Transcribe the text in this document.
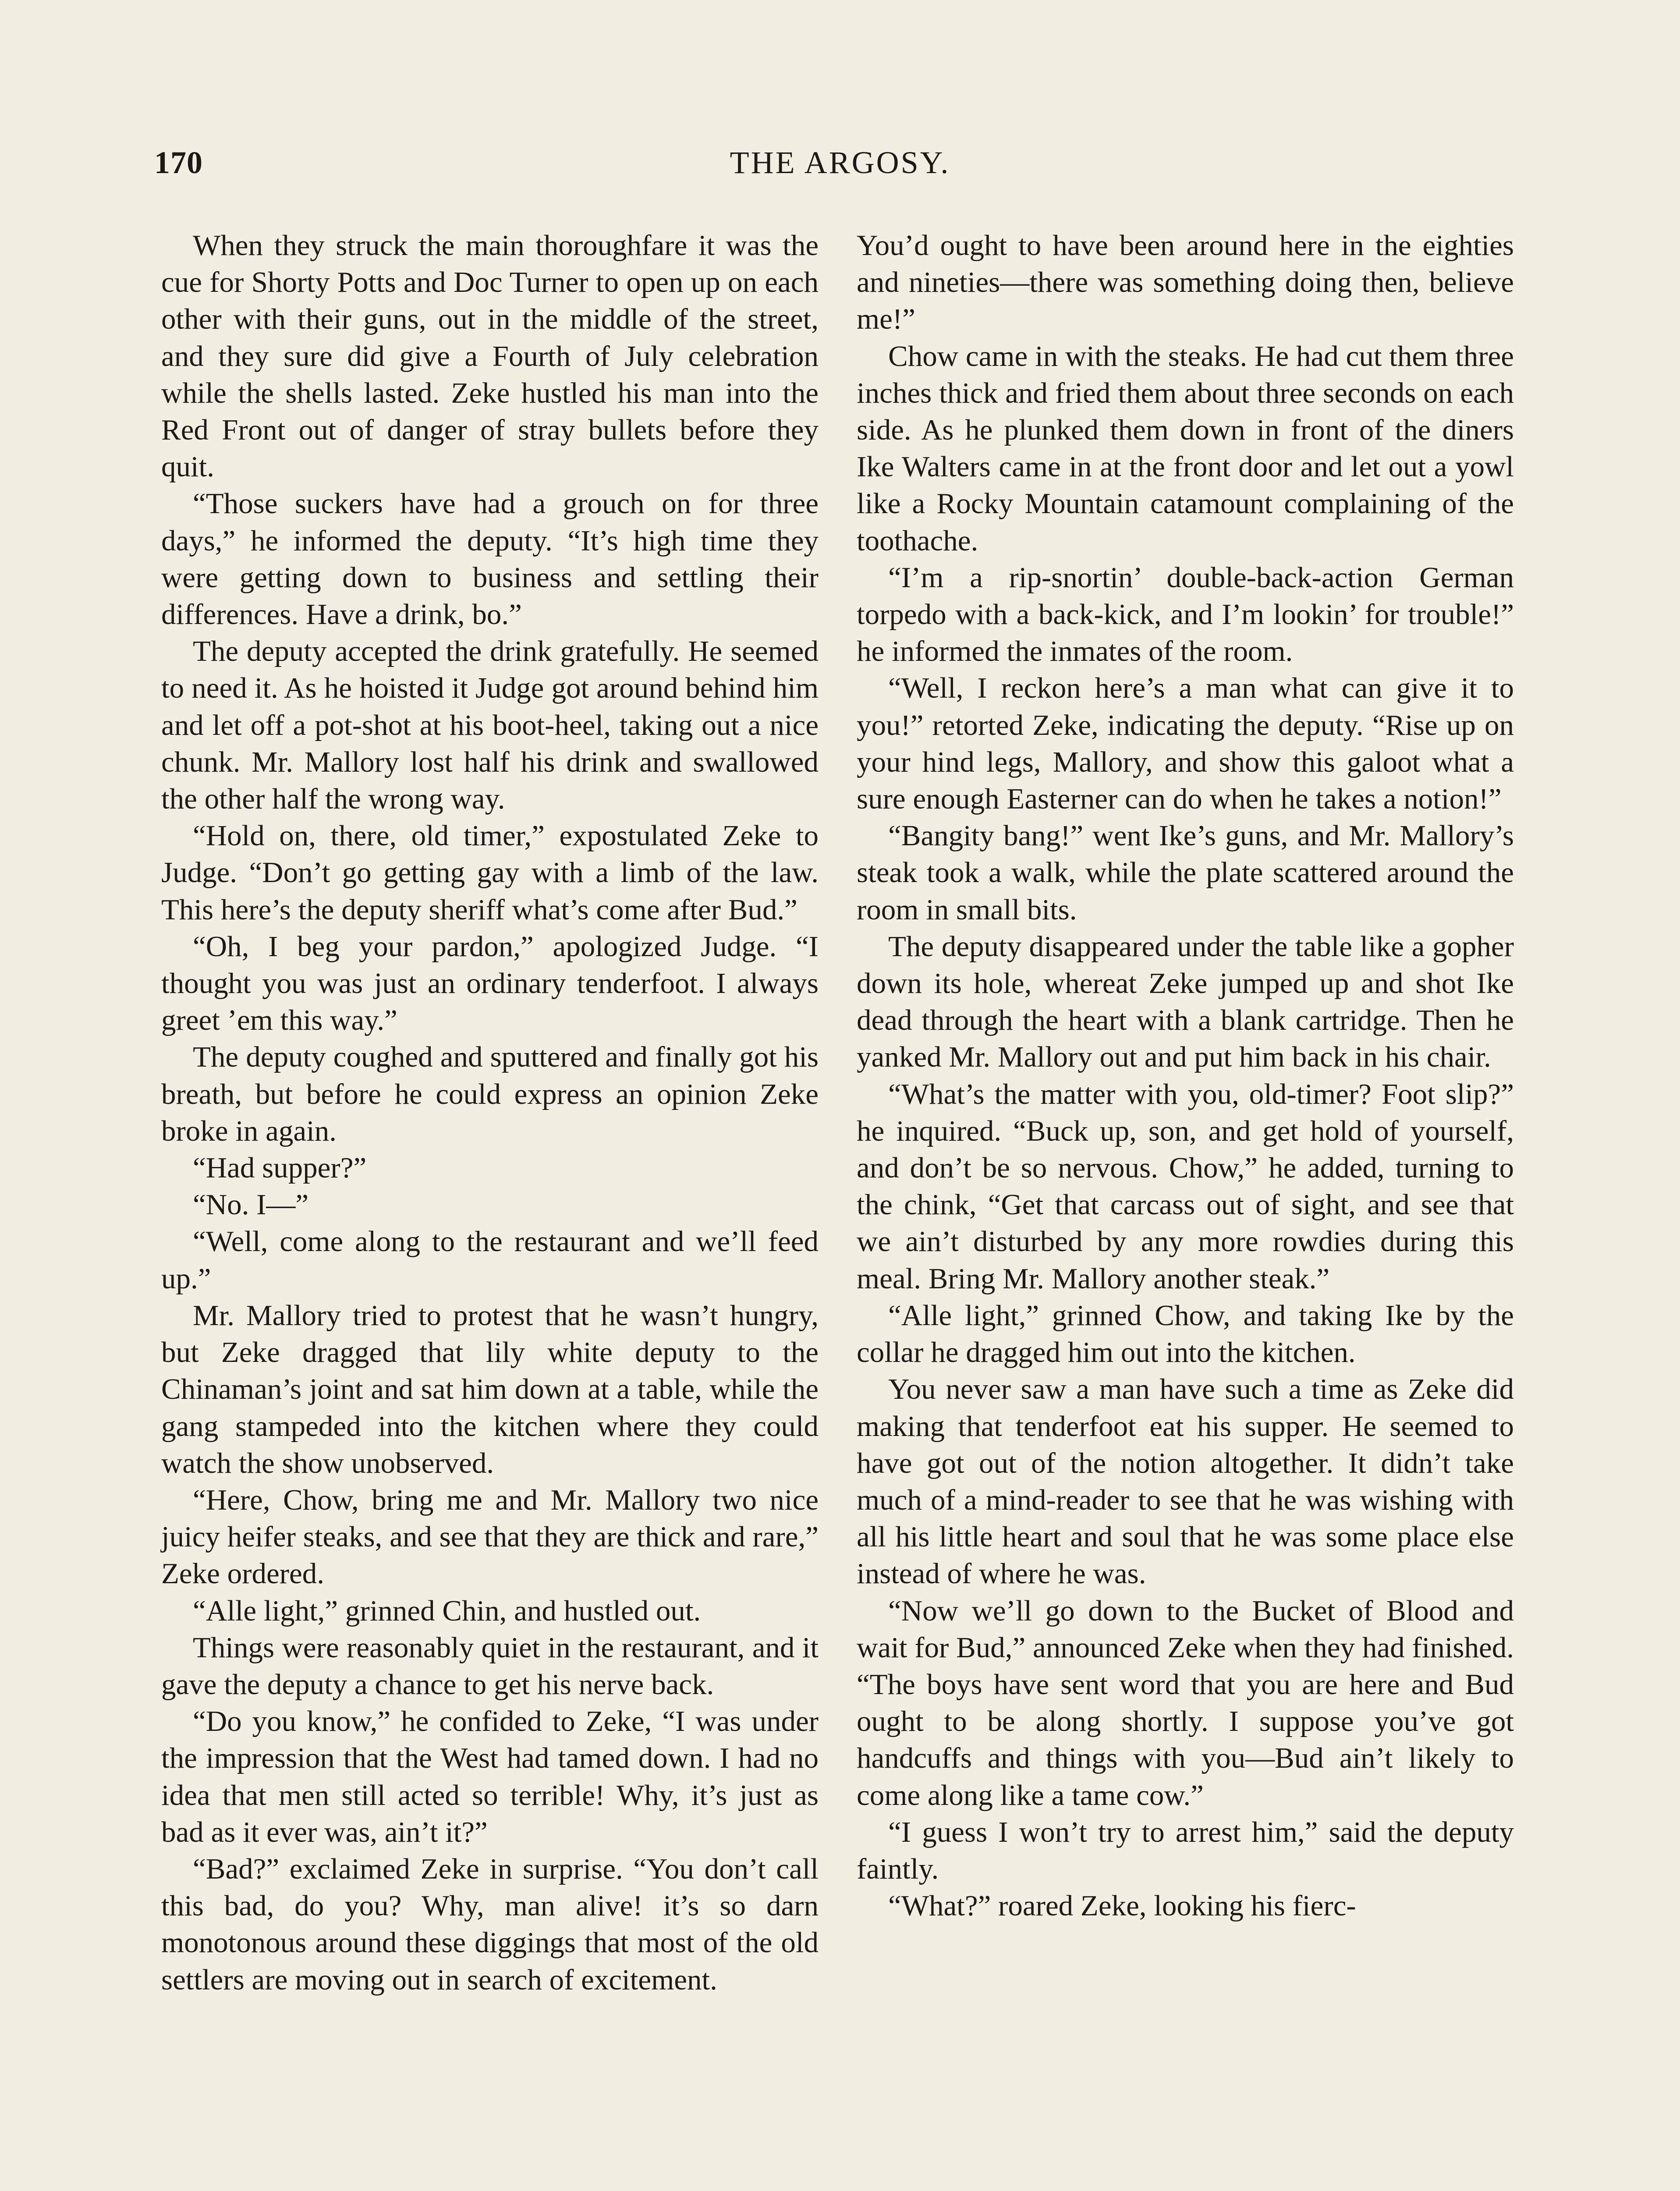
170	THE ARGOSY.

When they struck the main thoroughfare it was the cue for Shorty Potts and Doc Turner to open up on each other with their guns, out in the middle of the street, and they sure did give a Fourth of July celebration while the shells lasted. Zeke hustled his man into the Red Front out of danger of stray bullets before they quit.

“Those suckers have had a grouch on for three days,” he informed the deputy. “It’s high time they were getting down to business and settling their differences. Have a drink, bo.”

The deputy accepted the drink gratefully. He seemed to need it. As he hoisted it Judge got around behind him and let off a pot-shot at his boot-heel, taking out a nice chunk. Mr. Mallory lost half his drink and swallowed the other half the wrong way.

“Hold on, there, old timer,” expostulated Zeke to Judge. “Don’t go getting gay with a limb of the law. This here’s the deputy sheriff what’s come after Bud.”

“Oh, I beg your pardon,” apologized Judge. “I thought you was just an ordinary tenderfoot. I always greet ’em this way.”

The deputy coughed and sputtered and finally got his breath, but before he could express an opinion Zeke broke in again.

“Had supper?”

“No. I—”

“Well, come along to the restaurant and we’ll feed up.”

Mr. Mallory tried to protest that he wasn’t hungry, but Zeke dragged that lily white deputy to the Chinaman’s joint and sat him down at a table, while the gang stampeded into the kitchen where they could watch the show unobserved.

“Here, Chow, bring me and Mr. Mallory two nice juicy heifer steaks, and see that they are thick and rare,” Zeke ordered.

“Alle light,” grinned Chin, and hustled out.

Things were reasonably quiet in the restaurant, and it gave the deputy a chance to get his nerve back.

“Do you know,” he confided to Zeke, “I was under the impression that the West had tamed down. I had no idea that men still acted so terrible! Why, it’s just as bad as it ever was, ain’t it?”

“Bad?” exclaimed Zeke in surprise. “You don’t call this bad, do you? Why, man alive! it’s so darn monotonous around these diggings that most of the old settlers are moving out in search of excitement.

You’d ought to have been around here in the eighties and nineties—there was something doing then, believe me!”

Chow came in with the steaks. He had cut them three inches thick and fried them about three seconds on each side. As he plunked them down in front of the diners Ike Walters came in at the front door and let out a yowl like a Rocky Mountain catamount complaining of the toothache.

“I’m a rip-snortin’ double-back-action German torpedo with a back-kick, and I’m lookin’ for trouble!” he informed the inmates of the room.

“Well, I reckon here’s a man what can give it to you!” retorted Zeke, indicating the deputy. “Rise up on your hind legs, Mallory, and show this galoot what a sure enough Easterner can do when he takes a notion!”

“Bangity bang!” went Ike’s guns, and Mr. Mallory’s steak took a walk, while the plate scattered around the room in small bits.

The deputy disappeared under the table like a gopher down its hole, whereat Zeke jumped up and shot Ike dead through the heart with a blank cartridge. Then he yanked Mr. Mallory out and put him back in his chair.

“What’s the matter with you, old-timer? Foot slip?” he inquired. “Buck up, son, and get hold of yourself, and don’t be so nervous. Chow,” he added, turning to the chink, “Get that carcass out of sight, and see that we ain’t disturbed by any more rowdies during this meal. Bring Mr. Mallory another steak.”

“Alle light,” grinned Chow, and taking Ike by the collar he dragged him out into the kitchen.

You never saw a man have such a time as Zeke did making that tenderfoot eat his supper. He seemed to have got out of the notion altogether. It didn’t take much of a mind-reader to see that he was wishing with all his little heart and soul that he was some place else instead of where he was.

“Now we’ll go down to the Bucket of Blood and wait for Bud,” announced Zeke when they had finished. “The boys have sent word that you are here and Bud ought to be along shortly. I suppose you’ve got handcuffs and things with you—Bud ain’t likely to come along like a tame cow.”

“I guess I won’t try to arrest him,” said the deputy faintly.

“What?” roared Zeke, looking his fierc-
